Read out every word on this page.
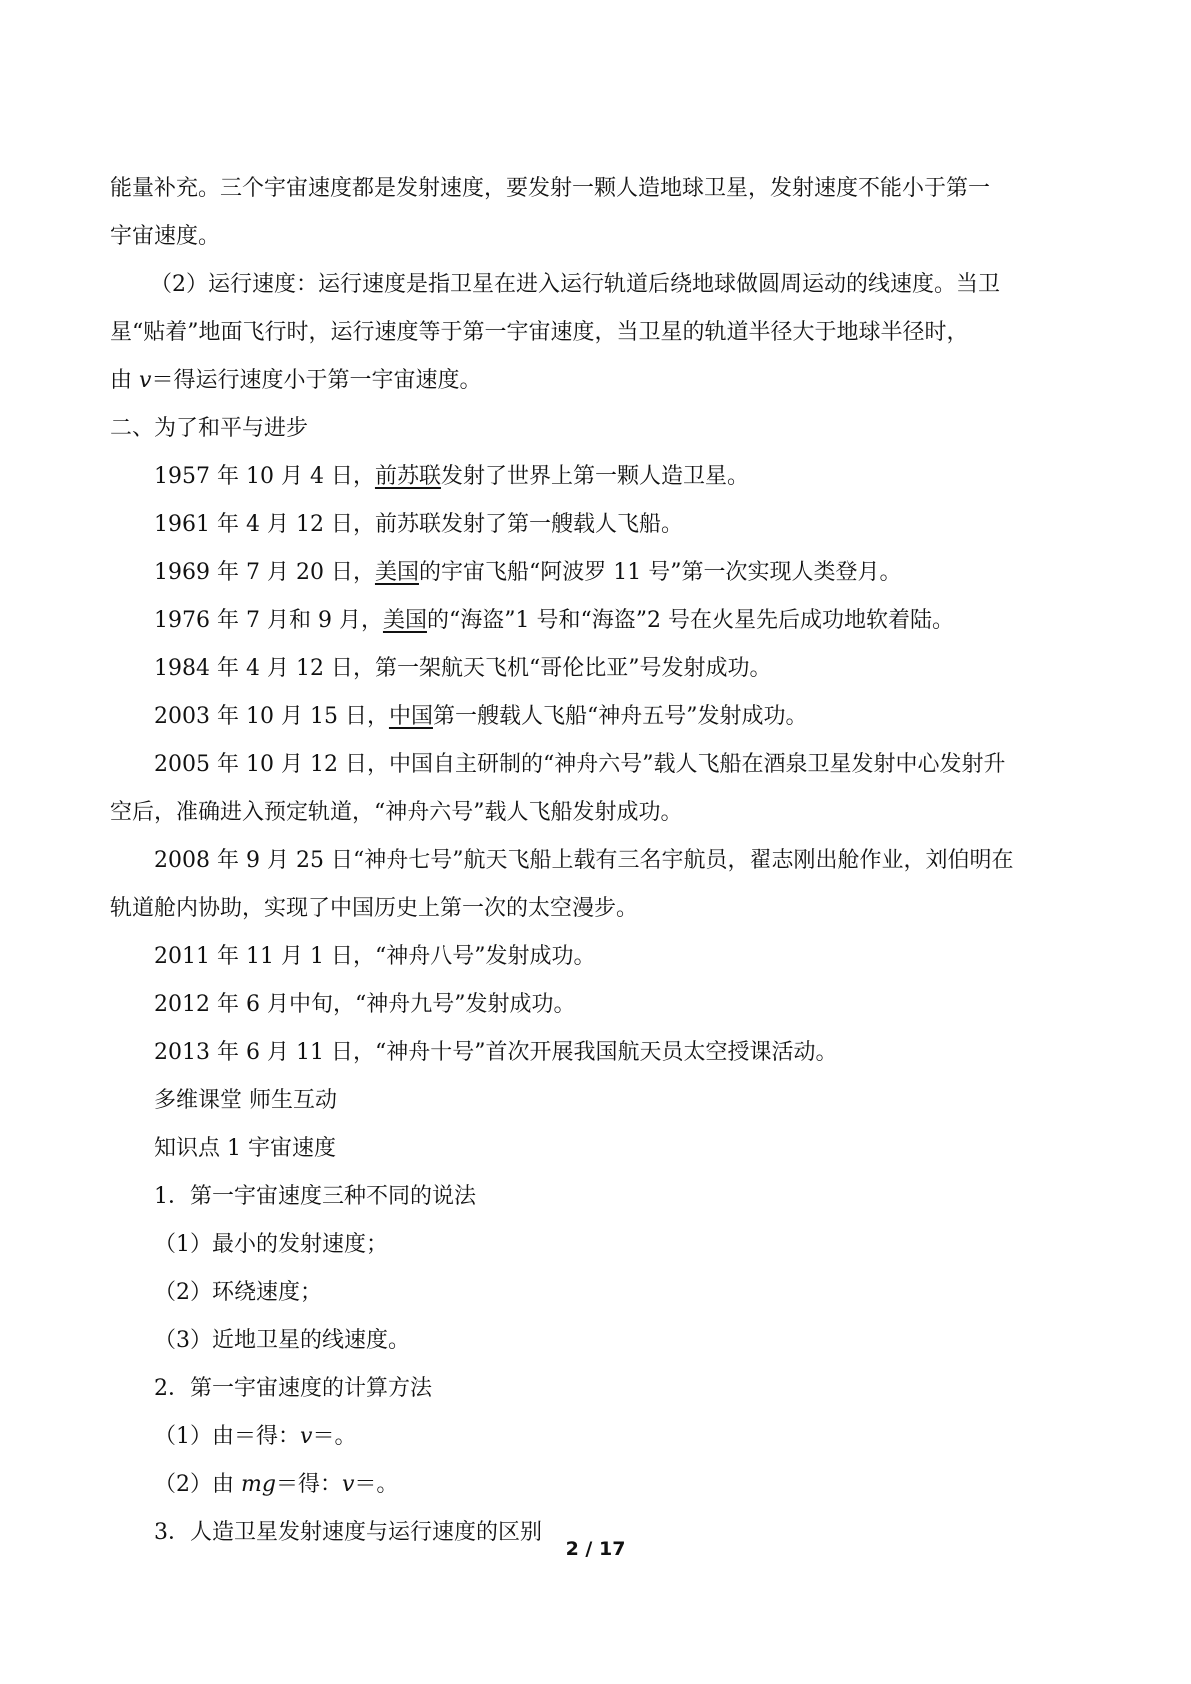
能量补充。三个宇宙速度都是发射速度，要发射一颗人造地球卫星，发射速度不能小于第一
宇宙速度。
（2）运行速度：运行速度是指卫星在进入运行轨道后绕地球做圆周运动的线速度。当卫
星“贴着”地面飞行时，运行速度等于第一宇宙速度，当卫星的轨道半径大于地球半径时，
由 v＝得运行速度小于第一宇宙速度。
二、为了和平与进步
1957 年 10 月 4 日，前苏联发射了世界上第一颗人造卫星。
1961 年 4 月 12 日，前苏联发射了第一艘载人飞船。
1969 年 7 月 20 日，美国的宇宙飞船“阿波罗 11 号”第一次实现人类登月。
1976 年 7 月和 9 月，美国的“海盗”1 号和“海盗”2 号在火星先后成功地软着陆。
1984 年 4 月 12 日，第一架航天飞机“哥伦比亚”号发射成功。
2003 年 10 月 15 日，中国第一艘载人飞船“神舟五号”发射成功。
2005 年 10 月 12 日，中国自主研制的“神舟六号”载人飞船在酒泉卫星发射中心发射升
空后，准确进入预定轨道，“神舟六号”载人飞船发射成功。
2008 年 9 月 25 日“神舟七号”航天飞船上载有三名宇航员，翟志刚出舱作业，刘伯明在
轨道舱内协助，实现了中国历史上第一次的太空漫步。
2011 年 11 月 1 日，“神舟八号”发射成功。
2012 年 6 月中旬，“神舟九号”发射成功。
2013 年 6 月 11 日，“神舟十号”首次开展我国航天员太空授课活动。
多维课堂 师生互动
知识点 1 宇宙速度
1．第一宇宙速度三种不同的说法
（1）最小的发射速度；
（2）环绕速度；
（3）近地卫星的线速度。
2．第一宇宙速度的计算方法
（1）由＝得：v＝。
（2）由 mg＝得：v＝。
3．人造卫星发射速度与运行速度的区别
2 / 17
